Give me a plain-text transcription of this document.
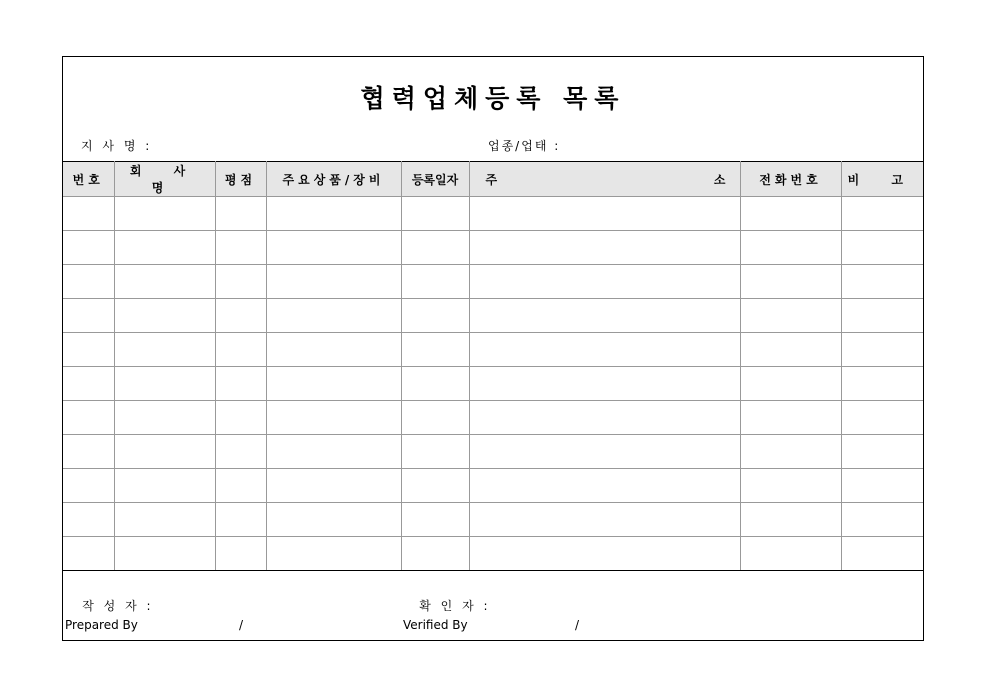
협력업체등록 목록
지 사 명 :	업종/업태 :
번호	회 사 명	평점	주요상품/장비	등록일자	주 소	전화번호	비 고

작 성 자 :
	확 인 자 :

Prepared By	/	Verified By	/
